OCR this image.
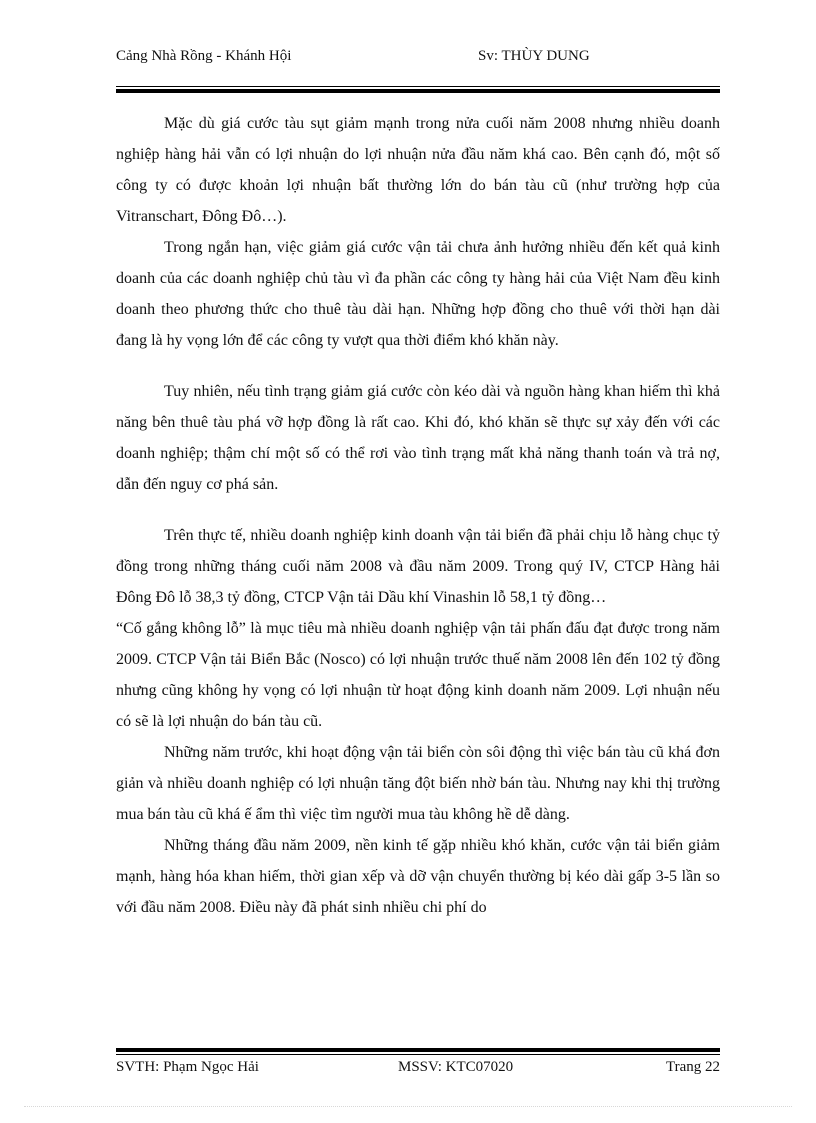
Cảng Nhà Rồng - Khánh Hội	Sv: THÙY DUNG

Mặc dù giá cước tàu sụt giảm mạnh trong nửa cuối năm 2008 nhưng nhiều doanh nghiệp hàng hải vẫn có lợi nhuận do lợi nhuận nửa đầu năm khá cao. Bên cạnh đó, một số công ty có được khoản lợi nhuận bất thường lớn do bán tàu cũ (như trường hợp của Vitranschart, Đông Đô…).

Trong ngắn hạn, việc giảm giá cước vận tải chưa ảnh hưởng nhiều đến kết quả kinh doanh của các doanh nghiệp chủ tàu vì đa phần các công ty hàng hải của Việt Nam đều kinh doanh theo phương thức cho thuê tàu dài hạn. Những hợp đồng cho thuê với thời hạn dài đang là hy vọng lớn để các công ty vượt qua thời điểm khó khăn này.

Tuy nhiên, nếu tình trạng giảm giá cước còn kéo dài và nguồn hàng khan hiếm thì khả năng bên thuê tàu phá vỡ hợp đồng là rất cao. Khi đó, khó khăn sẽ thực sự xảy đến với các doanh nghiệp; thậm chí một số có thể rơi vào tình trạng mất khả năng thanh toán và trả nợ, dẫn đến nguy cơ phá sản.

Trên thực tế, nhiều doanh nghiệp kinh doanh vận tải biển đã phải chịu lỗ hàng chục tỷ đồng trong những tháng cuối năm 2008 và đầu năm 2009. Trong quý IV, CTCP Hàng hải Đông Đô lỗ 38,3 tỷ đồng, CTCP Vận tải Dầu khí Vinashin lỗ 58,1 tỷ đồng…

“Cố gắng không lỗ” là mục tiêu mà nhiều doanh nghiệp vận tải phấn đấu đạt được trong năm 2009. CTCP Vận tải Biển Bắc (Nosco) có lợi nhuận trước thuế năm 2008 lên đến 102 tỷ đồng nhưng cũng không hy vọng có lợi nhuận từ hoạt động kinh doanh năm 2009. Lợi nhuận nếu có sẽ là lợi nhuận do bán tàu cũ.

Những năm trước, khi hoạt động vận tải biển còn sôi động thì việc bán tàu cũ khá đơn giản và nhiều doanh nghiệp có lợi nhuận tăng đột biến nhờ bán tàu. Nhưng nay khi thị trường mua bán tàu cũ khá ế ẩm thì việc tìm người mua tàu không hề dễ dàng.

Những tháng đầu năm 2009, nền kinh tế gặp nhiều khó khăn, cước vận tải biển giảm mạnh, hàng hóa khan hiếm, thời gian xếp và dỡ vận chuyển thường bị kéo dài gấp 3-5 lần so với đầu năm 2008. Điều này đã phát sinh nhiều chi phí do

SVTH: Phạm Ngọc Hải	MSSV: KTC07020	Trang 22
